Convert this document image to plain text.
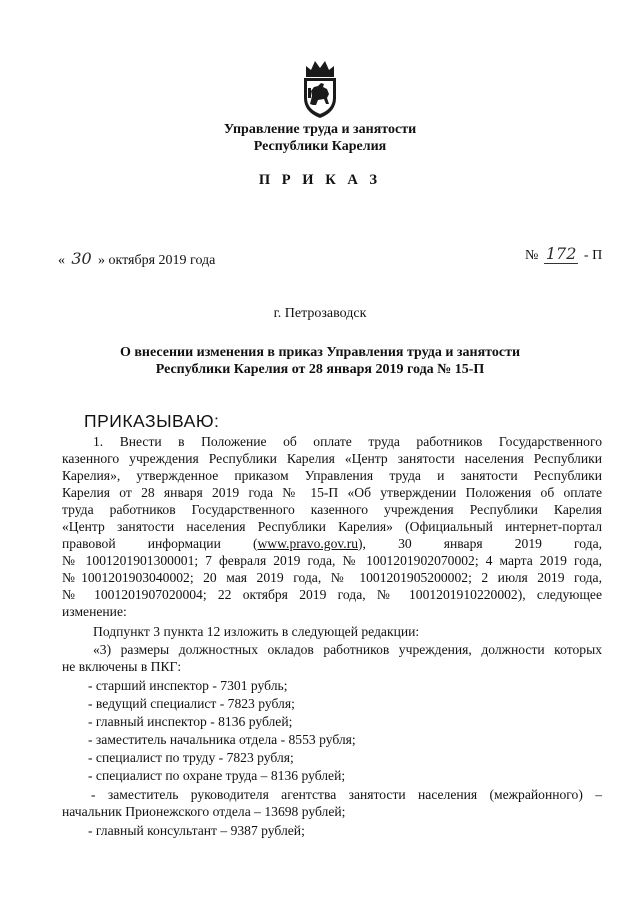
Управление труда и занятости
Республики Карелия
П Р И К А З
« 30 » октября 2019 года	№ 172 - П
г. Петрозаводск
О внесении изменения в приказ Управления труда и занятости
Республики Карелия от 28 января 2019 года № 15-П
ПРИКАЗЫВАЮ:
1. Внести в Положение об оплате труда работников Государственного
казенного учреждения Республики Карелия «Центр занятости населения Республики
Карелия», утвержденное приказом Управления труда и занятости Республики
Карелия от 28 января 2019 года № 15-П «Об утверждении Положения об оплате
труда работников Государственного казенного учреждения Республики Карелия
«Центр занятости населения Республики Карелия» (Официальный интернет-портал
правовой информации (www.pravo.gov.ru), 30 января 2019 года,
№ 1001201901300001; 7 февраля 2019 года, № 1001201902070002; 4 марта 2019 года,
№1001201903040002; 20 мая 2019 года, № 1001201905200002; 2 июля 2019 года,
№ 1001201907020004; 22 октября 2019 года, № 1001201910220002), следующее
изменение:
Подпункт 3 пункта 12 изложить в следующей редакции:
«3) размеры должностных окладов работников учреждения, должности которых
не включены в ПКГ:
- старший инспектор - 7301 рубль;
- ведущий специалист - 7823 рубля;
- главный инспектор - 8136 рублей;
- заместитель начальника отдела - 8553 рубля;
- специалист по труду - 7823 рубля;
- специалист по охране труда – 8136 рублей;
- заместитель руководителя агентства занятости населения (межрайонного) –
начальник Прионежского отдела – 13698 рублей;
- главный консультант – 9387 рублей;
